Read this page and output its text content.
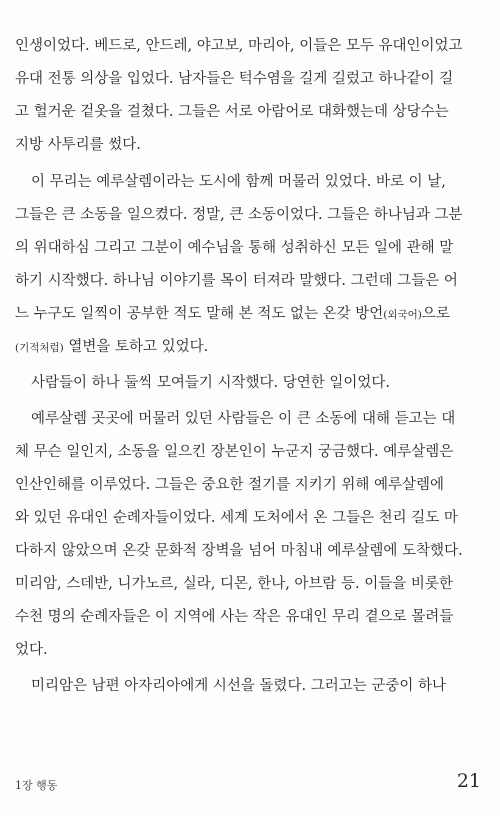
인생이었다. 베드로, 안드레, 야고보, 마리아, 이들은 모두 유대인이었고
유대 전통 의상을 입었다. 남자들은 턱수염을 길게 길렀고 하나같이 길
고 헐거운 겉옷을 걸쳤다. 그들은 서로 아람어로 대화했는데 상당수는
지방 사투리를 썼다.
이 무리는 예루살렘이라는 도시에 함께 머물러 있었다. 바로 이 날,
그들은 큰 소동을 일으켰다. 정말, 큰 소동이었다. 그들은 하나님과 그분
의 위대하심 그리고 그분이 예수님을 통해 성취하신 모든 일에 관해 말
하기 시작했다. 하나님 이야기를 목이 터져라 말했다. 그런데 그들은 어
느 누구도 일찍이 공부한 적도 말해 본 적도 없는 온갖 방언(외국어)으로
(기적처럼) 열변을 토하고 있었다.
사람들이 하나 둘씩 모여들기 시작했다. 당연한 일이었다.
예루살렘 곳곳에 머물러 있던 사람들은 이 큰 소동에 대해 듣고는 대
체 무슨 일인지, 소동을 일으킨 장본인이 누군지 궁금했다. 예루살렘은
인산인해를 이루었다. 그들은 중요한 절기를 지키기 위해 예루살렘에
와 있던 유대인 순례자들이었다. 세계 도처에서 온 그들은 천리 길도 마
다하지 않았으며 온갖 문화적 장벽을 넘어 마침내 예루살렘에 도착했다.
미리암, 스데반, 니가노르, 실라, 디몬, 한나, 아브람 등. 이들을 비롯한
수천 명의 순례자들은 이 지역에 사는 작은 유대인 무리 곁으로 몰려들
었다.
미리암은 남편 아자리아에게 시선을 돌렸다. 그러고는 군중이 하나
1장 행동	21
